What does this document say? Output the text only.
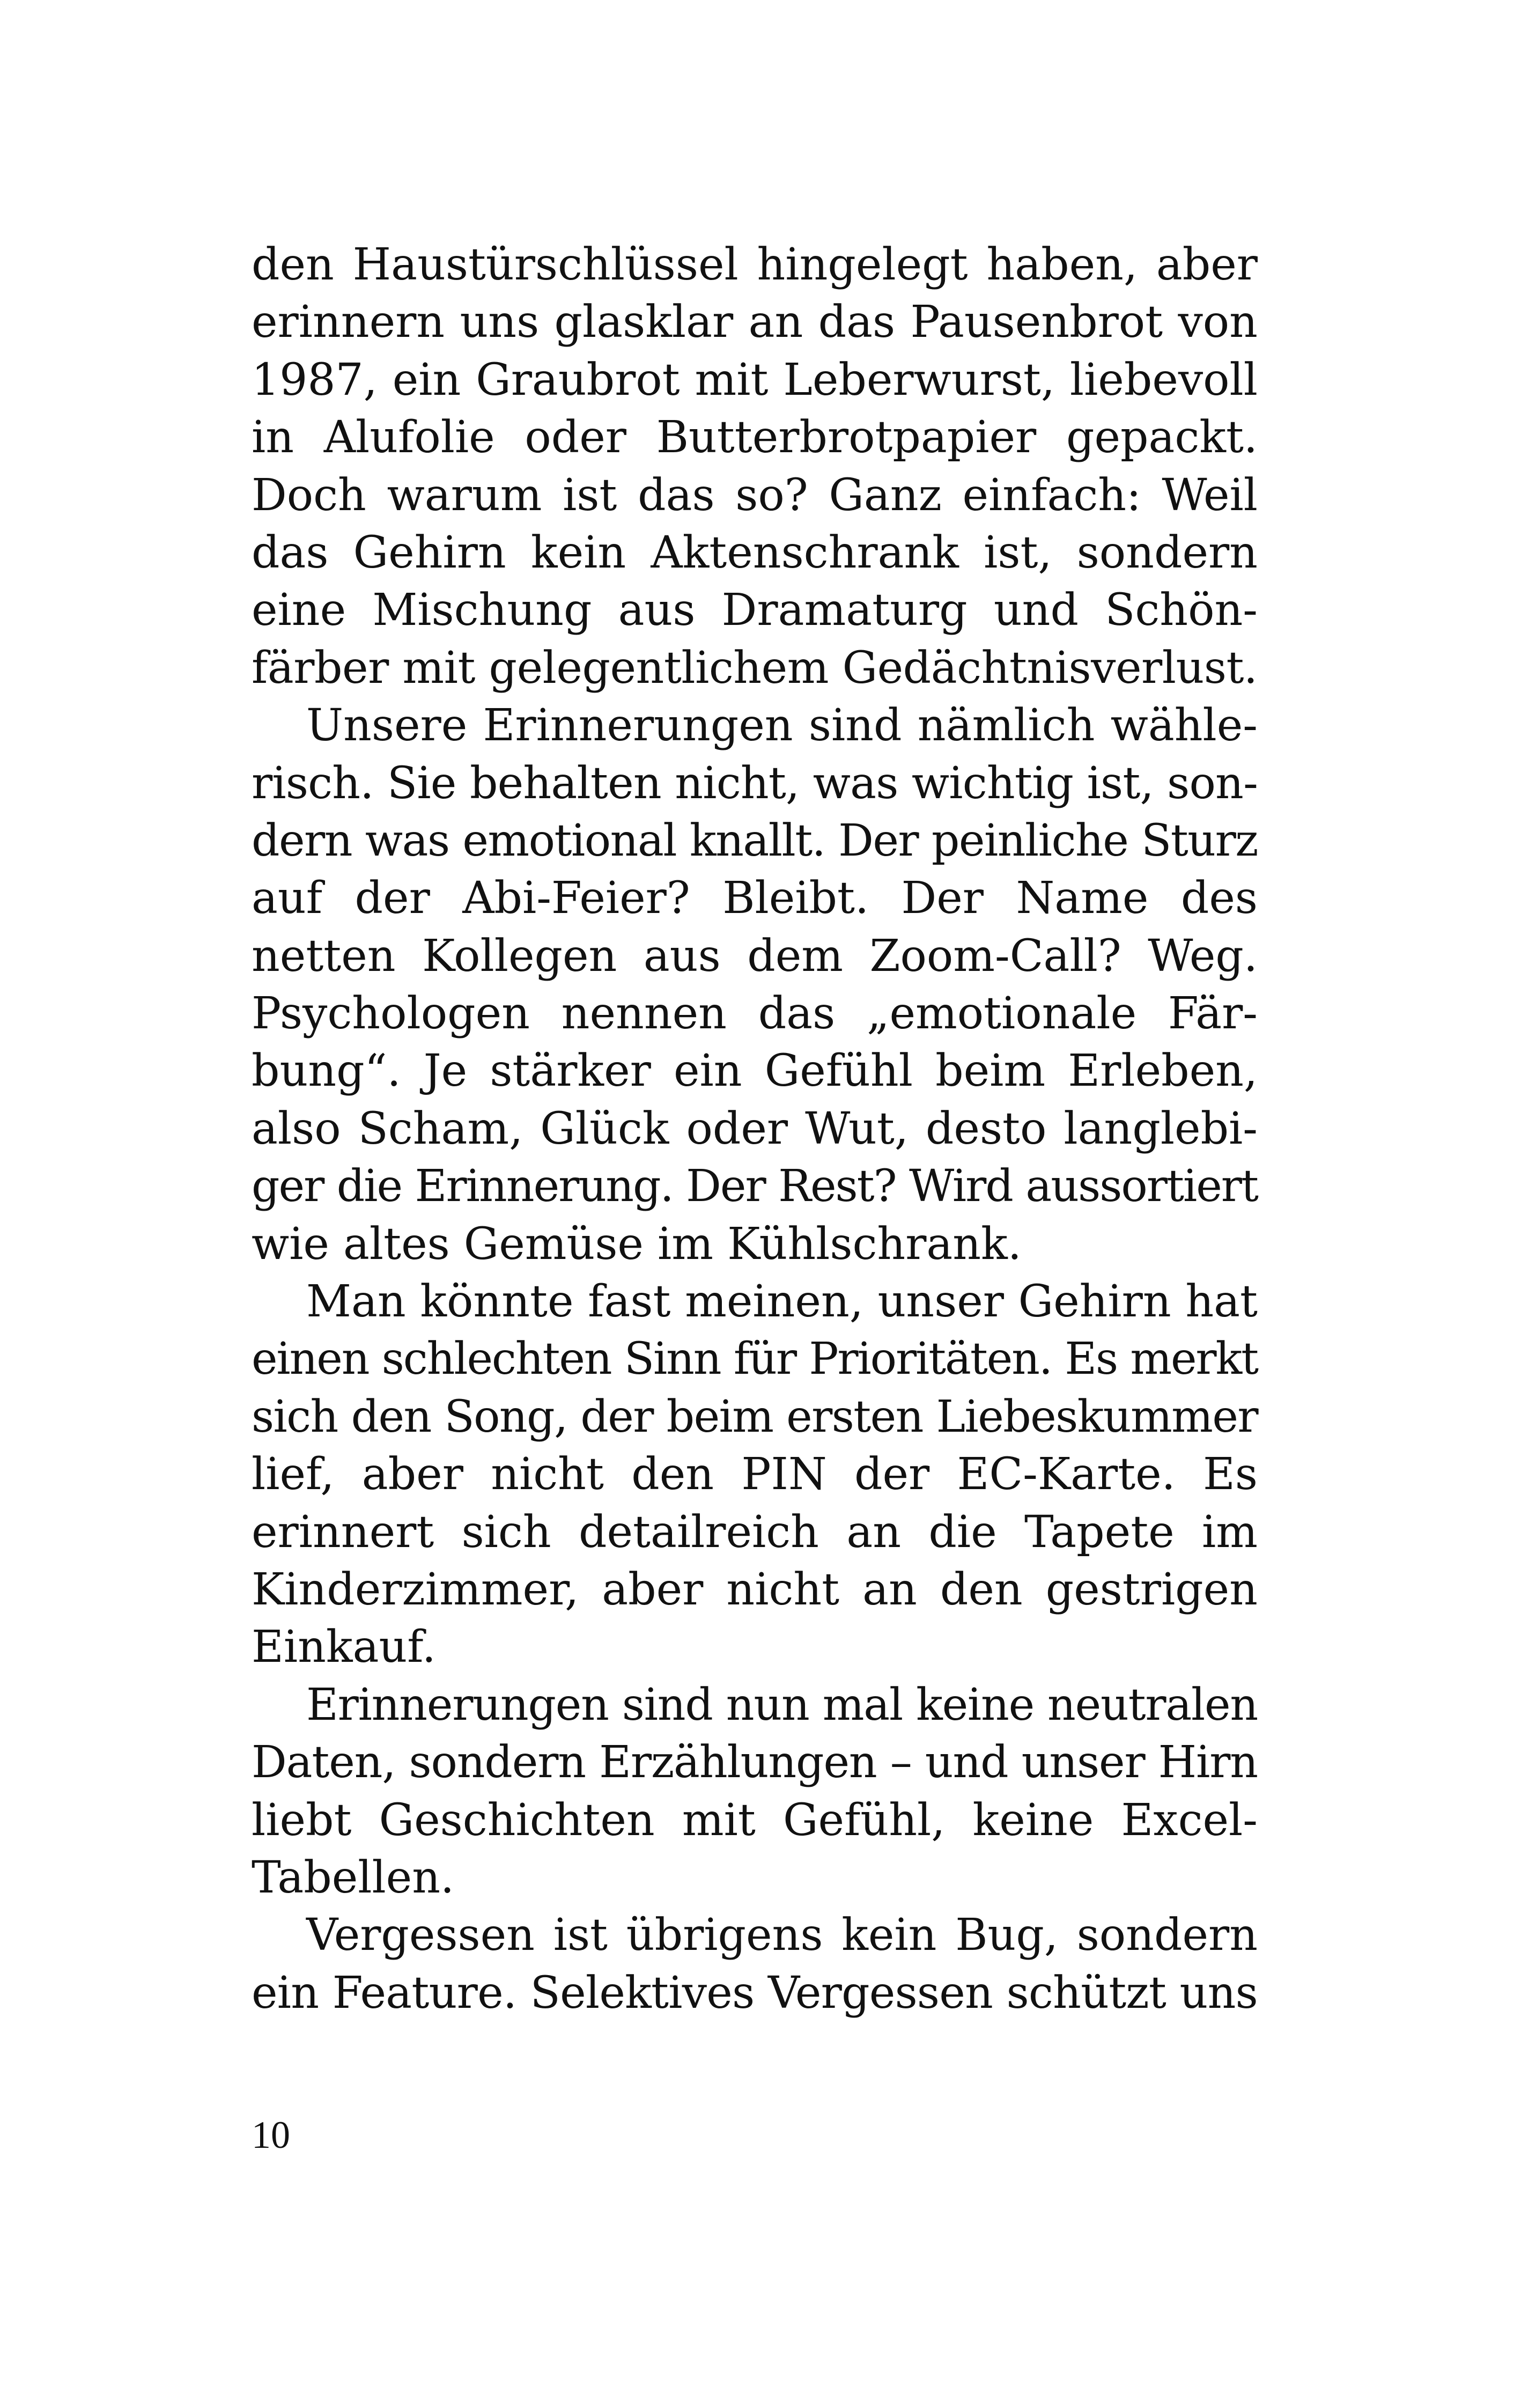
den Haustürschlüssel hingelegt haben, aber
erinnern uns glasklar an das Pausenbrot von
1987, ein Graubrot mit Leberwurst, liebevoll
in Alufolie oder Butterbrotpapier gepackt.
Doch warum ist das so? Ganz einfach: Weil
das Gehirn kein Aktenschrank ist, sondern
eine Mischung aus Dramaturg und Schön-
färber mit gelegentlichem Gedächtnisverlust.
Unsere Erinnerungen sind nämlich wähle-
risch. Sie behalten nicht, was wichtig ist, son-
dern was emotional knallt. Der peinliche Sturz
auf der Abi-Feier? Bleibt. Der Name des
netten Kollegen aus dem Zoom-Call? Weg.
Psychologen nennen das „emotionale Fär-
bung“. Je stärker ein Gefühl beim Erleben,
also Scham, Glück oder Wut, desto langlebi-
ger die Erinnerung. Der Rest? Wird aussortiert
wie altes Gemüse im Kühlschrank.
Man könnte fast meinen, unser Gehirn hat
einen schlechten Sinn für Prioritäten. Es merkt
sich den Song, der beim ersten Liebeskummer
lief, aber nicht den PIN der EC-Karte. Es
erinnert sich detailreich an die Tapete im
Kinderzimmer, aber nicht an den gestrigen
Einkauf.
Erinnerungen sind nun mal keine neutralen
Daten, sondern Erzählungen – und unser Hirn
liebt Geschichten mit Gefühl, keine Excel-
Tabellen.
Vergessen ist übrigens kein Bug, sondern
ein Feature. Selektives Vergessen schützt uns
10
